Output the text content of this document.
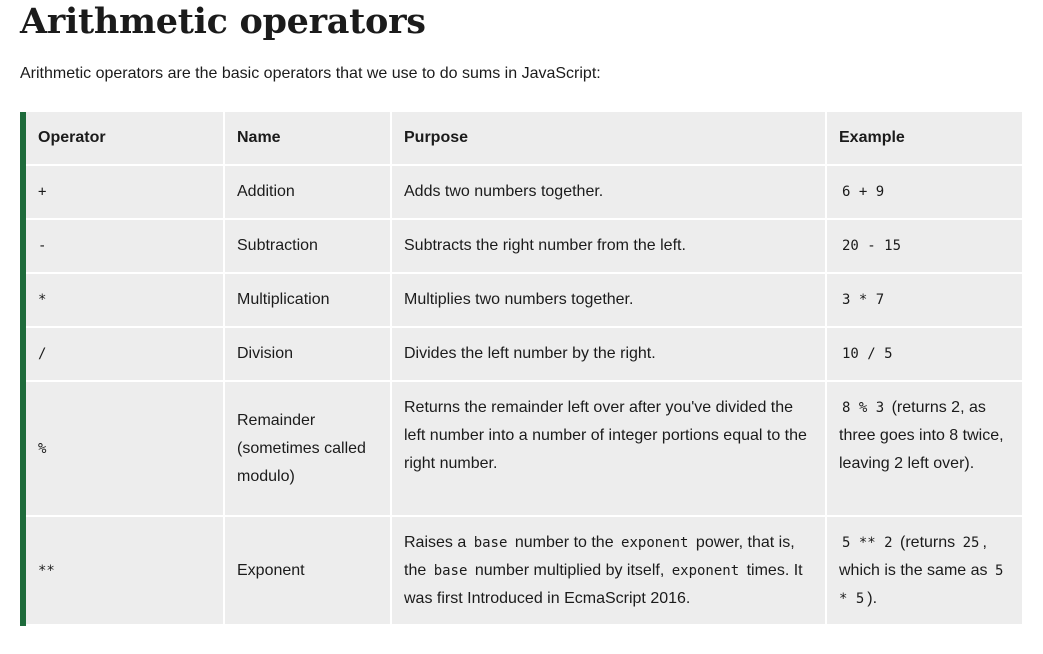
Arithmetic operators

Arithmetic operators are the basic operators that we use to do sums in JavaScript:

Operator	Name	Purpose	Example
+	Addition	Adds two numbers together.	6 + 9
-	Subtraction	Subtracts the right number from the left.	20 - 15
*	Multiplication	Multiplies two numbers together.	3 * 7
/	Division	Divides the left number by the right.	10 / 5
%	Remainder (sometimes called modulo)	Returns the remainder left over after you've divided the left number into a number of integer portions equal to the right number.	8 % 3 (returns 2, as three goes into 8 twice, leaving 2 left over).
**	Exponent	Raises a base number to the exponent power, that is, the base number multiplied by itself, exponent times. It was first Introduced in EcmaScript 2016.	5 ** 2 (returns 25 , which is the same as 5 * 5 ).
